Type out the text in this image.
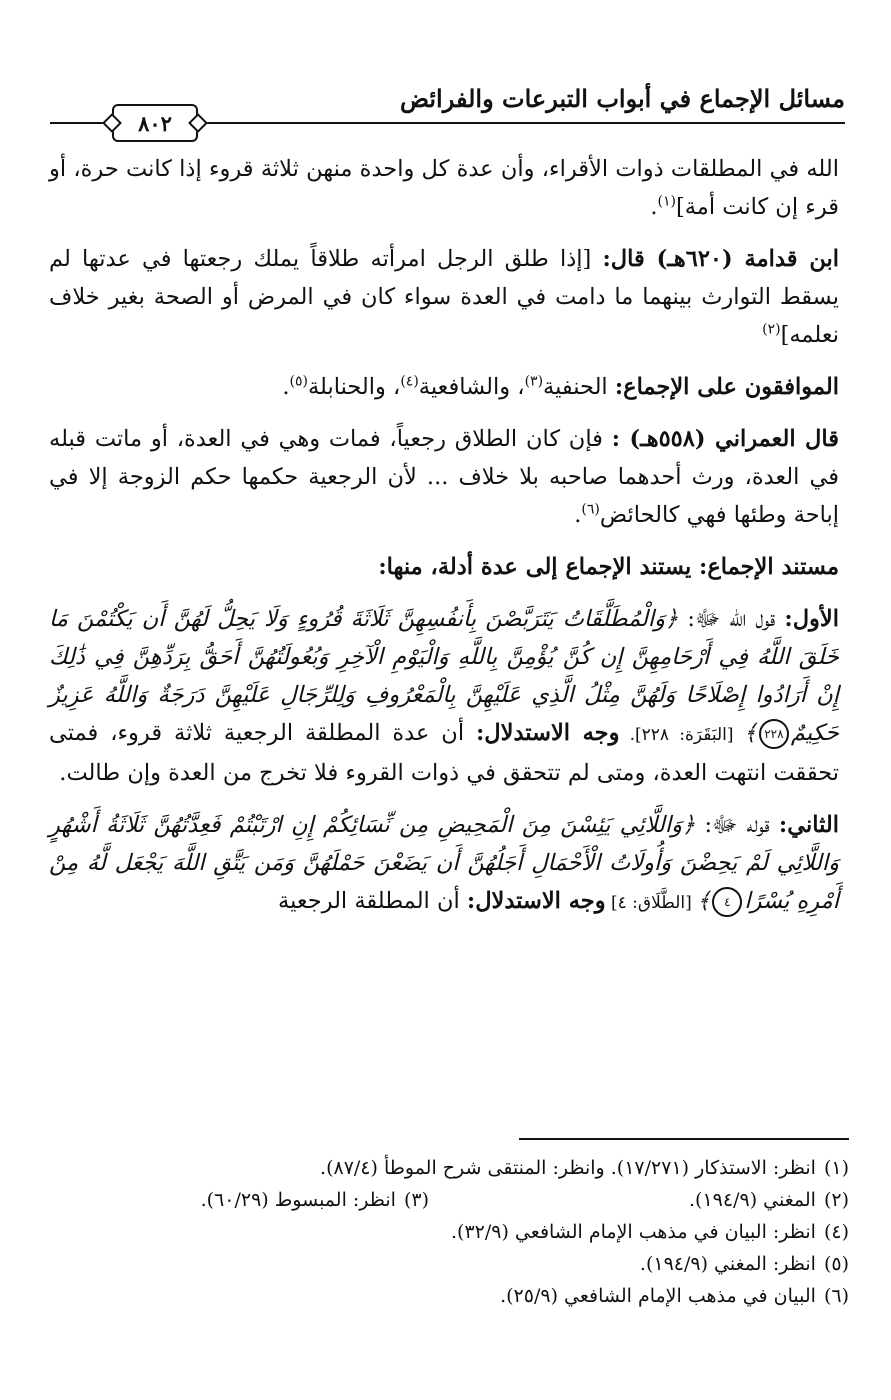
مسائل الإجماع في أبواب التبرعات والفرائض
٨٠٢

الله في المطلقات ذوات الأقراء، وأن عدة كل واحدة منهن ثلاثة قروء إذا كانت حرة، أو قرء إن كانت أمة]$^{(١)}$.

ابن قدامة (٦٢٠هـ) قال: [إذا طلق الرجل امرأته طلاقاً يملك رجعتها في عدتها لم يسقط التوارث بينهما ما دامت في العدة سواء كان في المرض أو الصحة بغير خلاف نعلمه]$^{(٢)}$

الموافقون على الإجماع: الحنفية$^{(٣)}$، والشافعية$^{(٤)}$، والحنابلة$^{(٥)}$.

قال العمراني (٥٥٨هـ) : فإن كان الطلاق رجعياً، فمات وهي في العدة، أو ماتت قبله في العدة، ورث أحدهما صاحبه بلا خلاف ... لأن الرجعية حكمها حكم الزوجة إلا في إباحة وطئها فهي كالحائض$^{(٦)}$.

مستند الإجماع: يستند الإجماع إلى عدة أدلة، منها:

الأول: قول الله ﷻ: ﴿وَالْمُطَلَّقَاتُ يَتَرَبَّصْنَ بِأَنفُسِهِنَّ ثَلَاثَةَ قُرُوءٍ وَلَا يَحِلُّ لَهُنَّ أَن يَكْتُمْنَ مَا خَلَقَ اللَّهُ فِي أَرْحَامِهِنَّ إِن كُنَّ يُؤْمِنَّ بِاللَّهِ وَالْيَوْمِ الْآخِرِ وَبُعُولَتُهُنَّ أَحَقُّ بِرَدِّهِنَّ فِي ذَٰلِكَ إِنْ أَرَادُوا إِصْلَاحًا وَلَهُنَّ مِثْلُ الَّذِي عَلَيْهِنَّ بِالْمَعْرُوفِ وَلِلرِّجَالِ عَلَيْهِنَّ دَرَجَةٌ وَاللَّهُ عَزِيزٌ حَكِيمٌ٢٢٨﴾ [البَقَرَة: ٢٢٨]. وجه الاستدلال: أن عدة المطلقة الرجعية ثلاثة قروء، فمتى تحققت انتهت العدة، ومتى لم تتحقق في ذوات القروء فلا تخرج من العدة وإن طالت.

الثاني: قوله ﷻ: ﴿وَاللَّائِي يَئِسْنَ مِنَ الْمَحِيضِ مِن نِّسَائِكُمْ إِنِ ارْتَبْتُمْ فَعِدَّتُهُنَّ ثَلَاثَةُ أَشْهُرٍ وَاللَّائِي لَمْ يَحِضْنَ وَأُولَاتُ الْأَحْمَالِ أَجَلُهُنَّ أَن يَضَعْنَ حَمْلَهُنَّ وَمَن يَتَّقِ اللَّهَ يَجْعَل لَّهُ مِنْ أَمْرِهِ يُسْرًا٤﴾ [الطَّلَاق: ٤] وجه الاستدلال: أن المطلقة الرجعية

(١)انظر: الاستذكار (١٧/٢٧١). وانظر: المنتقى شرح الموطأ (٨٧/٤).
(٢)المغني (١٩٤/٩).
(٣)انظر: المبسوط (٦٠/٢٩).
(٤)انظر: البيان في مذهب الإمام الشافعي (٣٢/٩).
(٥)انظر: المغني (١٩٤/٩).
(٦)البيان في مذهب الإمام الشافعي (٢٥/٩).
